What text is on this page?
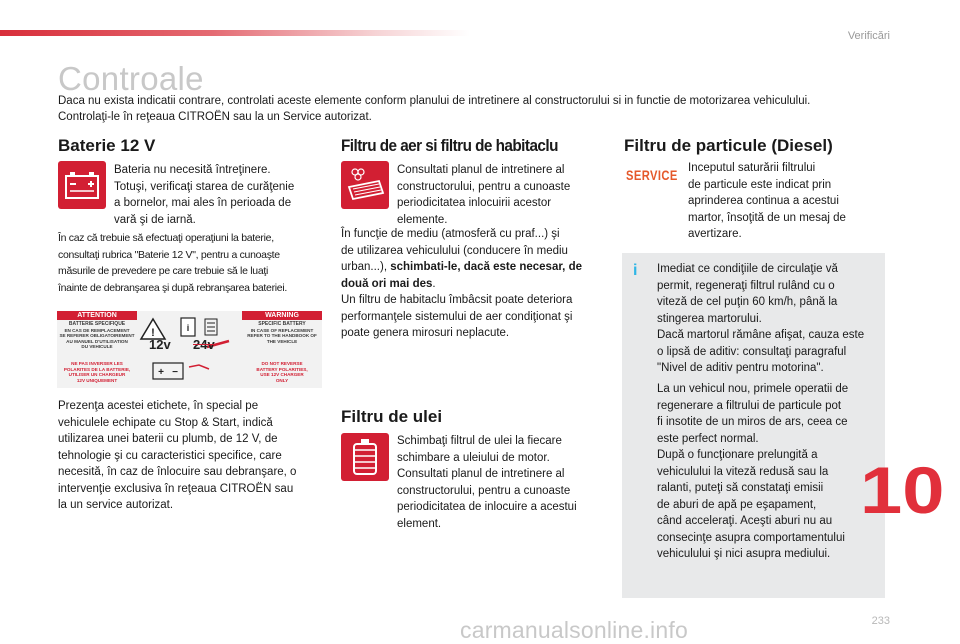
Verificări
Controale
Daca nu exista indicatii contrare, controlati aceste elemente conform planului de intretinere al constructorului si in functie de motorizarea vehiculului.
Controlaţi-le în reţeaua CITROËN sau la un Service autorizat.
Baterie 12 V
Bateria nu necesită întreţinere.
Totuşi, verificaţi starea de curăţenie
a bornelor, mai ales în perioada de
vară şi de iarnă.
În caz că trebuie să efectuaţi operaţiuni la baterie,
consultaţi rubrica "Baterie 12 V", pentru a cunoaşte
măsurile de prevedere pe care trebuie să le luaţi
înainte de debranşarea şi după rebranşarea bateriei.
ATTENTION	WARNING
BATTERIE SPECIFIQUE
EN CAS DE REMPLACEMENT
SE REFERER OBLIGATOIREMENT
AU MANUEL D'UTILISATION
DU VEHICULE
SPECIFIC BATTERY
IN CASE OF REPLACEMENT
REFER TO THE HANDBOOK OF
THE VEHICLE
NE PAS INVERSER LES
POLARITES DE LA BATTERIE,
UTILISER UN CHARGEUR
12V UNIQUEMENT
DO NOT REVERSE
BATTERY POLARITIES,
USE 12V CHARGER
ONLY
!	i
+ −
12v 24v
Prezenţa acestei etichete, în special pe
vehiculele echipate cu Stop & Start, indică
utilizarea unei baterii cu plumb, de 12 V, de
tehnologie şi cu caracteristici specifice, care
necesită, în caz de înlocuire sau debranşare, o
intervenţie exclusiva în reţeaua CITROËN sau
la un service autorizat.
Filtru de aer si filtru de habitaclu
Consultati planul de intretinere al
constructorului, pentru a cunoaste
periodicitatea inlocuirii acestor
elemente.
În funcţie de mediu (atmosferă cu praf...) şi
de utilizarea vehiculului (conducere în mediu
urban...), schimbati-le, dacă este necesar, de
două ori mai des.
Un filtru de habitaclu îmbâcsit poate deteriora
performanţele sistemului de aer condiţionat şi
poate genera mirosuri neplacute.
Filtru de ulei
Schimbaţi filtrul de ulei la fiecare
schimbare a uleiului de motor.
Consultati planul de intretinere al
constructorului, pentru a cunoaste
periodicitatea de inlocuire a acestui
element.
Filtru de particule (Diesel)
SERVICE Inceputul saturării filtrului
de particule este indicat prin
aprinderea continua a acestui
martor, însoţită de un mesaj de
avertizare.
i Imediat ce condiţiile de circulaţie vă
permit, regeneraţi filtrul rulând cu o
viteză de cel puţin 60 km/h, până la
stingerea martorului.
Dacă martorul rămâne afişat, cauza este
o lipsă de aditiv: consultaţi paragraful
"Nivel de aditiv pentru motorina".
La un vehicul nou, primele operatii de
regenerare a filtrului de particule pot
fi insotite de un miros de ars, ceea ce
este perfect normal.
După o funcţionare prelungită a
vehiculului la viteză redusă sau la
ralanti, puteţi să constataţi emisii
de aburi de apă pe eşapament,
când acceleraţi. Aceşti aburi nu au
consecinţe asupra comportamentului
vehiculului şi nici asupra mediului.
10
233
carmanualsonline.info
